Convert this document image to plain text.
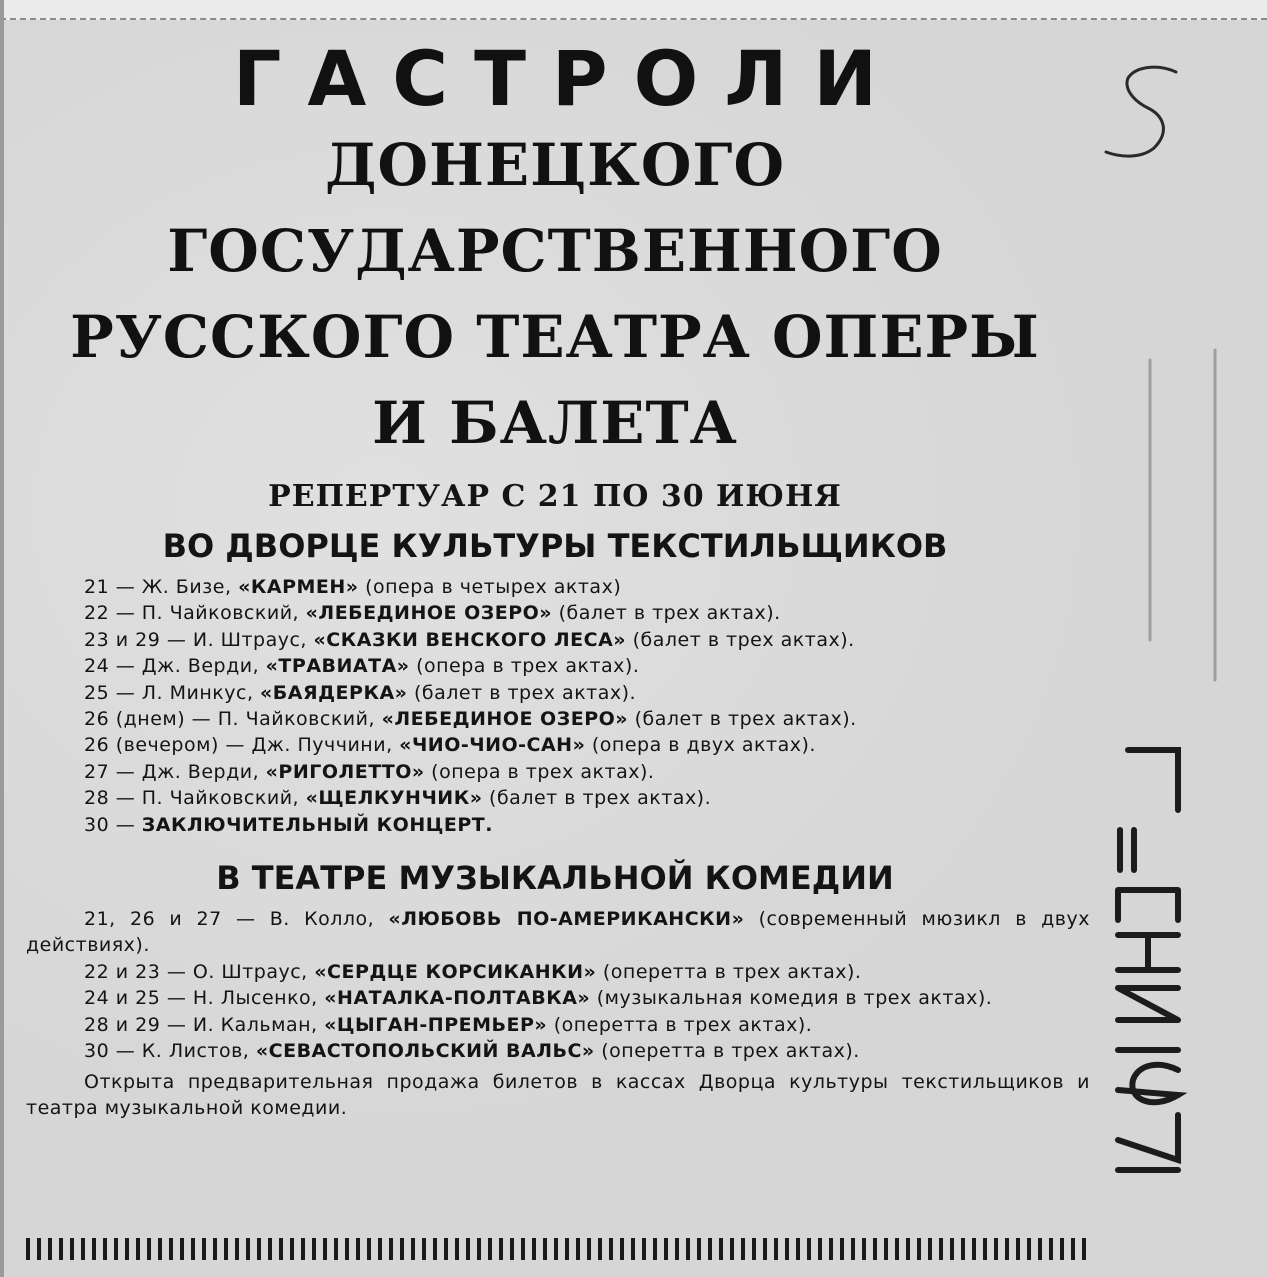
ГАСТРОЛИ
ДОНЕЦКОГО ГОСУДАРСТВЕННОГО
РУССКОГО ТЕАТРА ОПЕРЫ
И БАЛЕТА
РЕПЕРТУАР С 21 ПО 30 ИЮНЯ
ВО ДВОРЦЕ КУЛЬТУРЫ ТЕКСТИЛЬЩИКОВ
21 — Ж. Бизе, «КАРМЕН» (опера в четырех актах)
22 — П. Чайковский, «ЛЕБЕДИНОЕ ОЗЕРО» (балет в трех актах).
23 и 29 — И. Штраус, «СКАЗКИ ВЕНСКОГО ЛЕСА» (балет в трех актах).
24 — Дж. Верди, «ТРАВИАТА» (опера в трех актах).
25 — Л. Минкус, «БАЯДЕРКА» (балет в трех актах).
26 (днем) — П. Чайковский, «ЛЕБЕДИНОЕ ОЗЕРО» (балет в трех актах).
26 (вечером) — Дж. Пуччини, «ЧИО-ЧИО-САН» (опера в двух актах).
27 — Дж. Верди, «РИГОЛЕТТО» (опера в трех актах).
28 — П. Чайковский, «ЩЕЛКУНЧИК» (балет в трех актах).
30 — ЗАКЛЮЧИТЕЛЬНЫЙ КОНЦЕРТ.
В ТЕАТРЕ МУЗЫКАЛЬНОЙ КОМЕДИИ
21, 26 и 27 — В. Колло, «ЛЮБОВЬ ПО-АМЕРИКАНСКИ» (современный мюзикл в двух действиях).
22 и 23 — О. Штраус, «СЕРДЦЕ КОРСИКАНКИ» (оперетта в трех актах).
24 и 25 — Н. Лысенко, «НАТАЛКА-ПОЛТАВКА» (музыкальная комедия в трех актах).
28 и 29 — И. Кальман, «ЦЫГАН-ПРЕМЬЕР» (оперетта в трех актах).
30 — К. Листов, «СЕВАСТОПОЛЬСКИЙ ВАЛЬС» (оперетта в трех актах).
Открыта предварительная продажа билетов в кассах Дворца культуры текстильщиков и театра музыкальной комедии.
